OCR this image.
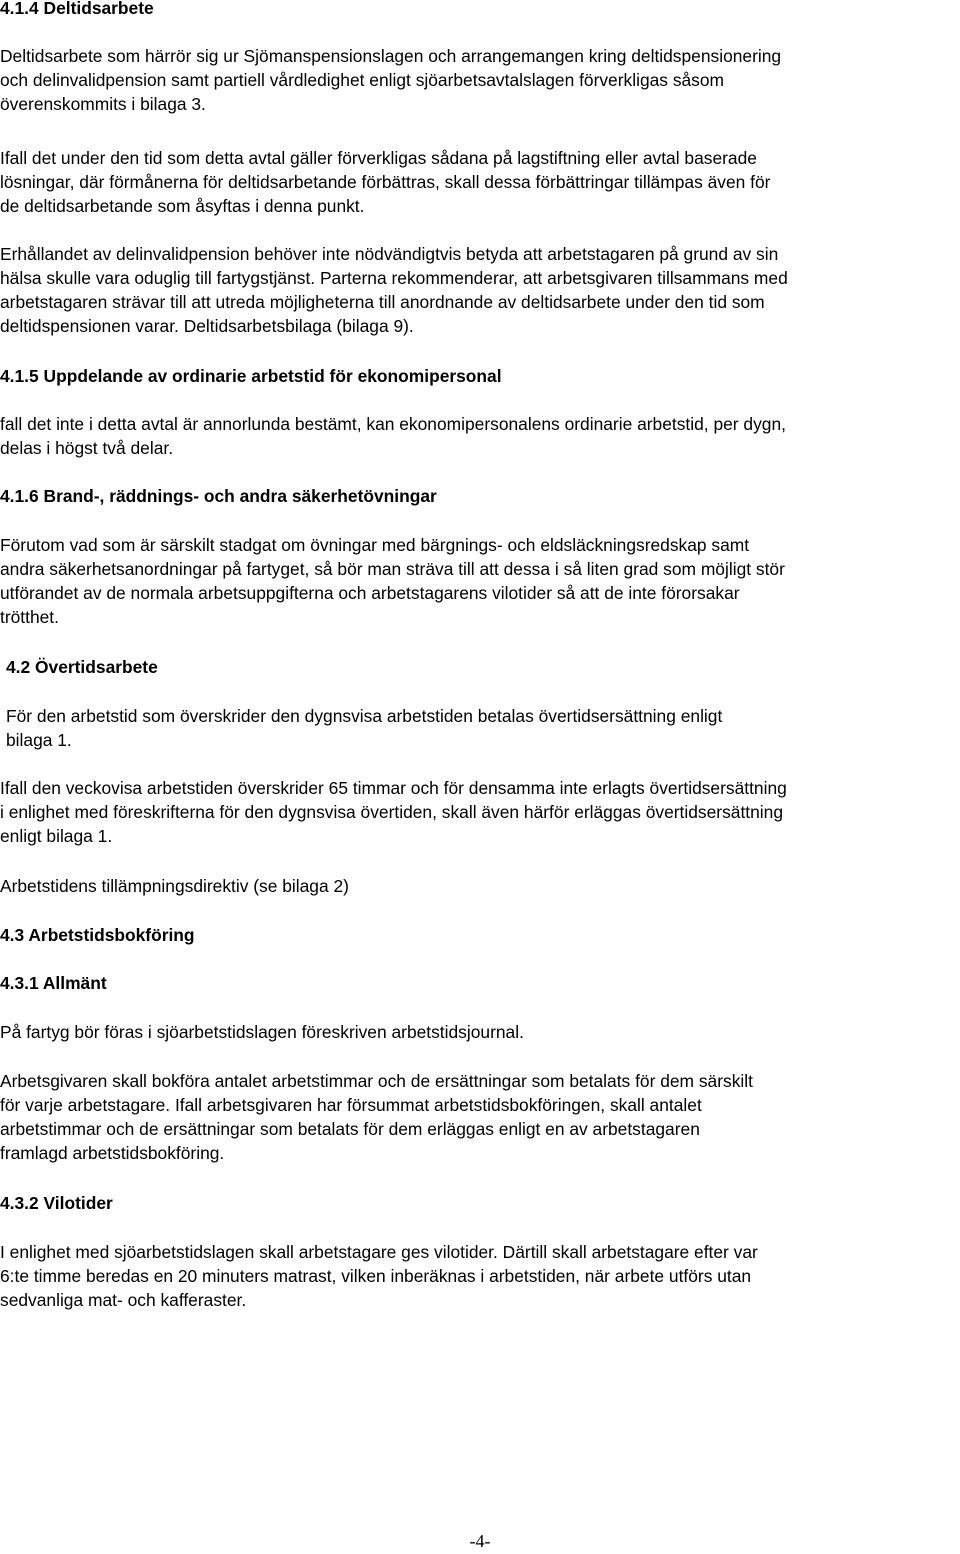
4.1.4 Deltidsarbete
Deltidsarbete som härrör sig ur Sjömanspensionslagen och arrangemangen kring deltidspensionering
och delinvalidpension samt partiell vårdledighet enligt sjöarbetsavtalslagen förverkligas såsom
överenskommits i bilaga 3.
Ifall det under den tid som detta avtal gäller förverkligas sådana på lagstiftning eller avtal baserade
lösningar, där förmånerna för deltidsarbetande förbättras, skall dessa förbättringar tillämpas även för
de deltidsarbetande som åsyftas i denna punkt.
Erhållandet av delinvalidpension behöver inte nödvändigtvis betyda att arbetstagaren på grund av sin
hälsa skulle vara oduglig till fartygstjänst. Parterna rekommenderar, att arbetsgivaren tillsammans med
arbetstagaren strävar till att utreda möjligheterna till anordnande av deltidsarbete under den tid som
deltidspensionen varar. Deltidsarbetsbilaga (bilaga 9).
4.1.5 Uppdelande av ordinarie arbetstid för ekonomipersonal
fall det inte i detta avtal är annorlunda bestämt, kan ekonomipersonalens ordinarie arbetstid, per dygn,
delas i högst två delar.
4.1.6 Brand-, räddnings- och andra säkerhetövningar
Förutom vad som är särskilt stadgat om övningar med bärgnings- och eldsläckningsredskap samt
andra säkerhetsanordningar på fartyget, så bör man sträva till att dessa i så liten grad som möjligt stör
utförandet av de normala arbetsuppgifterna och arbetstagarens vilotider så att de inte förorsakar
trötthet.
4.2 Övertidsarbete
För den arbetstid som överskrider den dygnsvisa arbetstiden betalas övertidsersättning enligt
bilaga 1.
Ifall den veckovisa arbetstiden överskrider 65 timmar och för densamma inte erlagts övertidsersättning
i enlighet med föreskrifterna för den dygnsvisa övertiden, skall även härför erläggas övertidsersättning
enligt bilaga 1.
Arbetstidens tillämpningsdirektiv (se bilaga 2)
4.3 Arbetstidsbokföring
4.3.1 Allmänt
På fartyg bör föras i sjöarbetstidslagen föreskriven arbetstidsjournal.
Arbetsgivaren skall bokföra antalet arbetstimmar och de ersättningar som betalats för dem särskilt
för varje arbetstagare. Ifall arbetsgivaren har försummat arbetstidsbokföringen, skall antalet
arbetstimmar och de ersättningar som betalats för dem erläggas enligt en av arbetstagaren
framlagd arbetstidsbokföring.
4.3.2 Vilotider
I enlighet med sjöarbetstidslagen skall arbetstagare ges vilotider. Därtill skall arbetstagare efter var
6:te timme beredas en 20 minuters matrast, vilken inberäknas i arbetstiden, när arbete utförs utan
sedvanliga mat- och kafferaster.
-4-
